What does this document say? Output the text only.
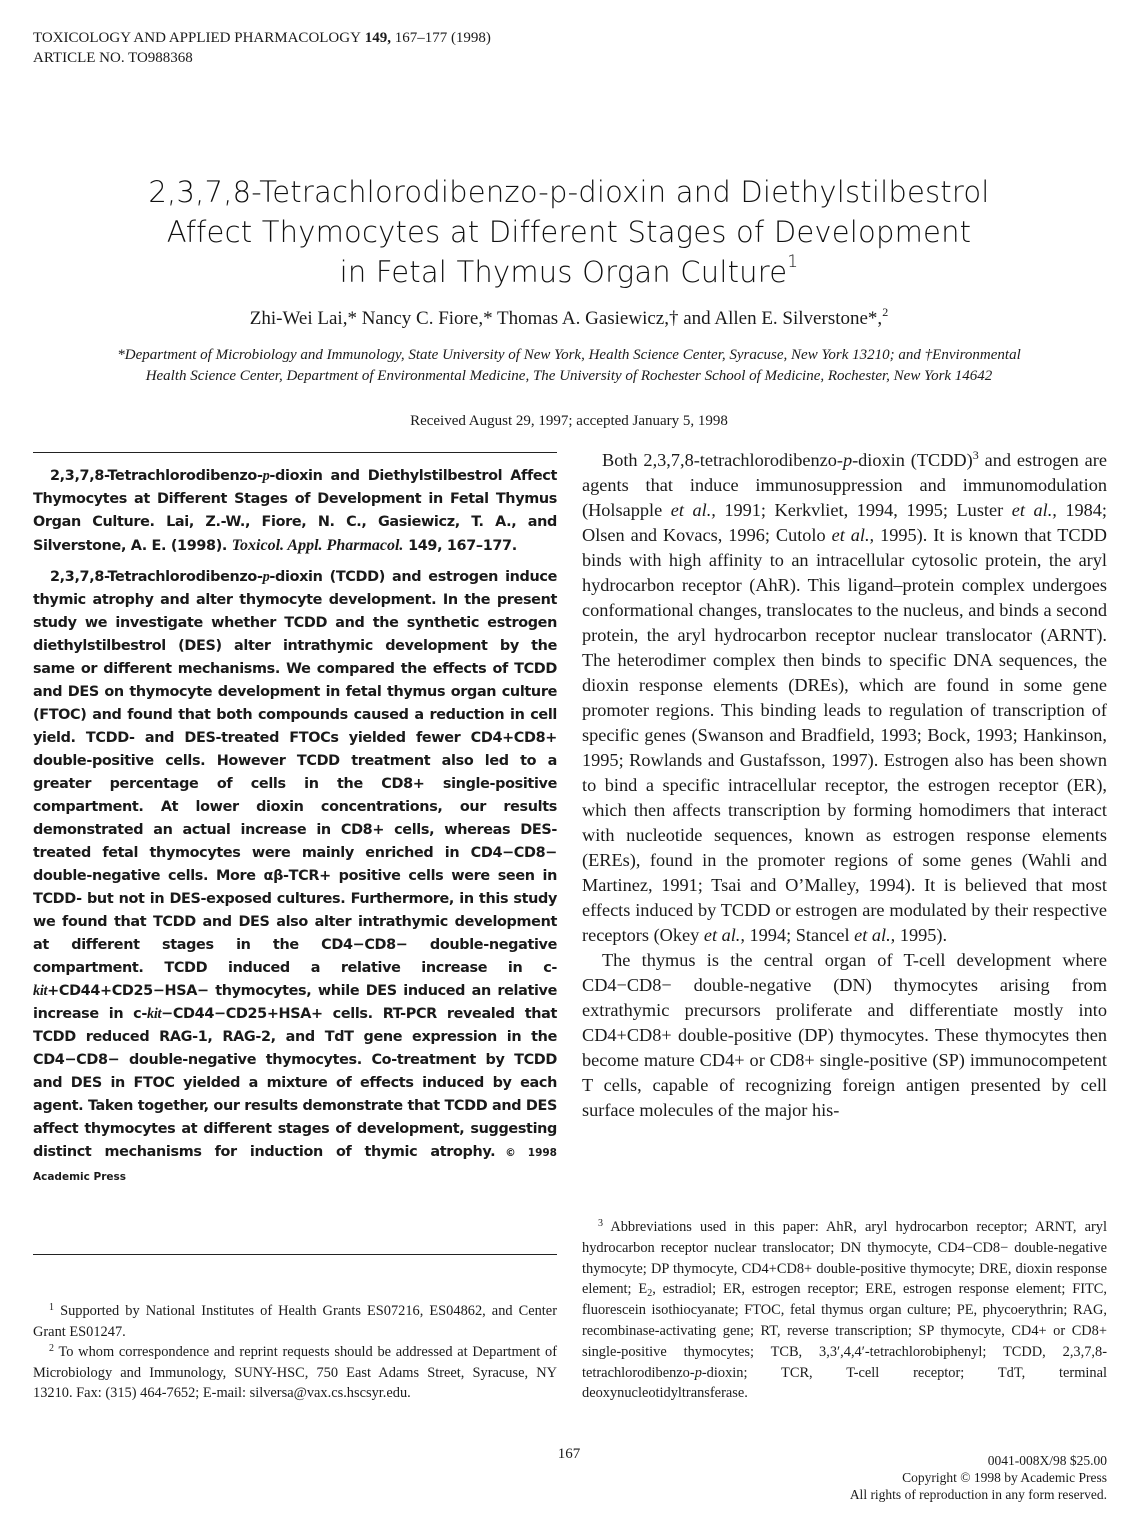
TOXICOLOGY AND APPLIED PHARMACOLOGY 149, 167–177 (1998)
ARTICLE NO. TO988368
2,3,7,8-Tetrachlorodibenzo-p-dioxin and Diethylstilbestrol
Affect Thymocytes at Different Stages of Development
in Fetal Thymus Organ Culture$^1$
Zhi-Wei Lai,* Nancy C. Fiore,* Thomas A. Gasiewicz,† and Allen E. Silverstone*,$^2$
*Department of Microbiology and Immunology, State University of New York, Health Science Center, Syracuse, New York 13210; and †Environmental
Health Science Center, Department of Environmental Medicine, The University of Rochester School of Medicine, Rochester, New York 14642
Received August 29, 1997; accepted January 5, 1998

2,3,7,8-Tetrachlorodibenzo-p-dioxin and Diethylstilbestrol Affect Thymocytes at Different Stages of Development in Fetal Thymus Organ Culture. Lai, Z.-W., Fiore, N. C., Gasiewicz, T. A., and Silverstone, A. E. (1998). Toxicol. Appl. Pharmacol. 149, 167–177.

2,3,7,8-Tetrachlorodibenzo-p-dioxin (TCDD) and estrogen induce thymic atrophy and alter thymocyte development. In the present study we investigate whether TCDD and the synthetic estrogen diethylstilbestrol (DES) alter intrathymic development by the same or different mechanisms. We compared the effects of TCDD and DES on thymocyte development in fetal thymus organ culture (FTOC) and found that both compounds caused a reduction in cell yield. TCDD- and DES-treated FTOCs yielded fewer CD4+CD8+ double-positive cells. However TCDD treatment also led to a greater percentage of cells in the CD8+ single-positive compartment. At lower dioxin concentrations, our results demonstrated an actual increase in CD8+ cells, whereas DES-treated fetal thymocytes were mainly enriched in CD4−CD8− double-negative cells. More αβ-TCR+ positive cells were seen in TCDD- but not in DES-exposed cultures. Furthermore, in this study we found that TCDD and DES also alter intrathymic development at different stages in the CD4−CD8− double-negative compartment. TCDD induced a relative increase in c-kit+CD44+CD25−HSA− thymocytes, while DES induced an relative increase in c-kit−CD44−CD25+HSA+ cells. RT-PCR revealed that TCDD reduced RAG-1, RAG-2, and TdT gene expression in the CD4−CD8− double-negative thymocytes. Co-treatment by TCDD and DES in FTOC yielded a mixture of effects induced by each agent. Taken together, our results demonstrate that TCDD and DES affect thymocytes at different stages of development, suggesting distinct mechanisms for induction of thymic atrophy. © 1998 Academic Press

$^1$ Supported by National Institutes of Health Grants ES07216, ES04862, and Center Grant ES01247.

$^2$ To whom correspondence and reprint requests should be addressed at Department of Microbiology and Immunology, SUNY-HSC, 750 East Adams Street, Syracuse, NY 13210. Fax: (315) 464-7652; E-mail: silversa@vax.cs.hscsyr.edu.

Both 2,3,7,8-tetrachlorodibenzo-p-dioxin (TCDD)$^3$ and estrogen are agents that induce immunosuppression and immunomodulation (Holsapple et al., 1991; Kerkvliet, 1994, 1995; Luster et al., 1984; Olsen and Kovacs, 1996; Cutolo et al., 1995). It is known that TCDD binds with high affinity to an intracellular cytosolic protein, the aryl hydrocarbon receptor (AhR). This ligand–protein complex undergoes conformational changes, translocates to the nucleus, and binds a second protein, the aryl hydrocarbon receptor nuclear translocator (ARNT). The heterodimer complex then binds to specific DNA sequences, the dioxin response elements (DREs), which are found in some gene promoter regions. This binding leads to regulation of transcription of specific genes (Swanson and Bradfield, 1993; Bock, 1993; Hankinson, 1995; Rowlands and Gustafsson, 1997). Estrogen also has been shown to bind a specific intracellular receptor, the estrogen receptor (ER), which then affects transcription by forming homodimers that interact with nucleotide sequences, known as estrogen response elements (EREs), found in the promoter regions of some genes (Wahli and Martinez, 1991; Tsai and O’Malley, 1994). It is believed that most effects induced by TCDD or estrogen are modulated by their respective receptors (Okey et al., 1994; Stancel et al., 1995).

The thymus is the central organ of T-cell development where CD4−CD8− double-negative (DN) thymocytes arising from extrathymic precursors proliferate and differentiate mostly into CD4+CD8+ double-positive (DP) thymocytes. These thymocytes then become mature CD4+ or CD8+ single-positive (SP) immunocompetent T cells, capable of recognizing foreign antigen presented by cell surface molecules of the major his-

$^3$ Abbreviations used in this paper: AhR, aryl hydrocarbon receptor; ARNT, aryl hydrocarbon receptor nuclear translocator; DN thymocyte, CD4−CD8− double-negative thymocyte; DP thymocyte, CD4+CD8+ double-positive thymocyte; DRE, dioxin response element; $E_2$, estradiol; ER, estrogen receptor; ERE, estrogen response element; FITC, fluorescein isothiocyanate; FTOC, fetal thymus organ culture; PE, phycoerythrin; RAG, recombinase-activating gene; RT, reverse transcription; SP thymocyte, CD4+ or CD8+ single-positive thymocytes; TCB, 3,3′,4,4′-tetrachlorobiphenyl; TCDD, 2,3,7,8-tetrachlorodibenzo-p-dioxin; TCR, T-cell receptor; TdT, terminal deoxynucleotidyltransferase.

167	0041-008X/98 $25.00
Copyright © 1998 by Academic Press
All rights of reproduction in any form reserved.
